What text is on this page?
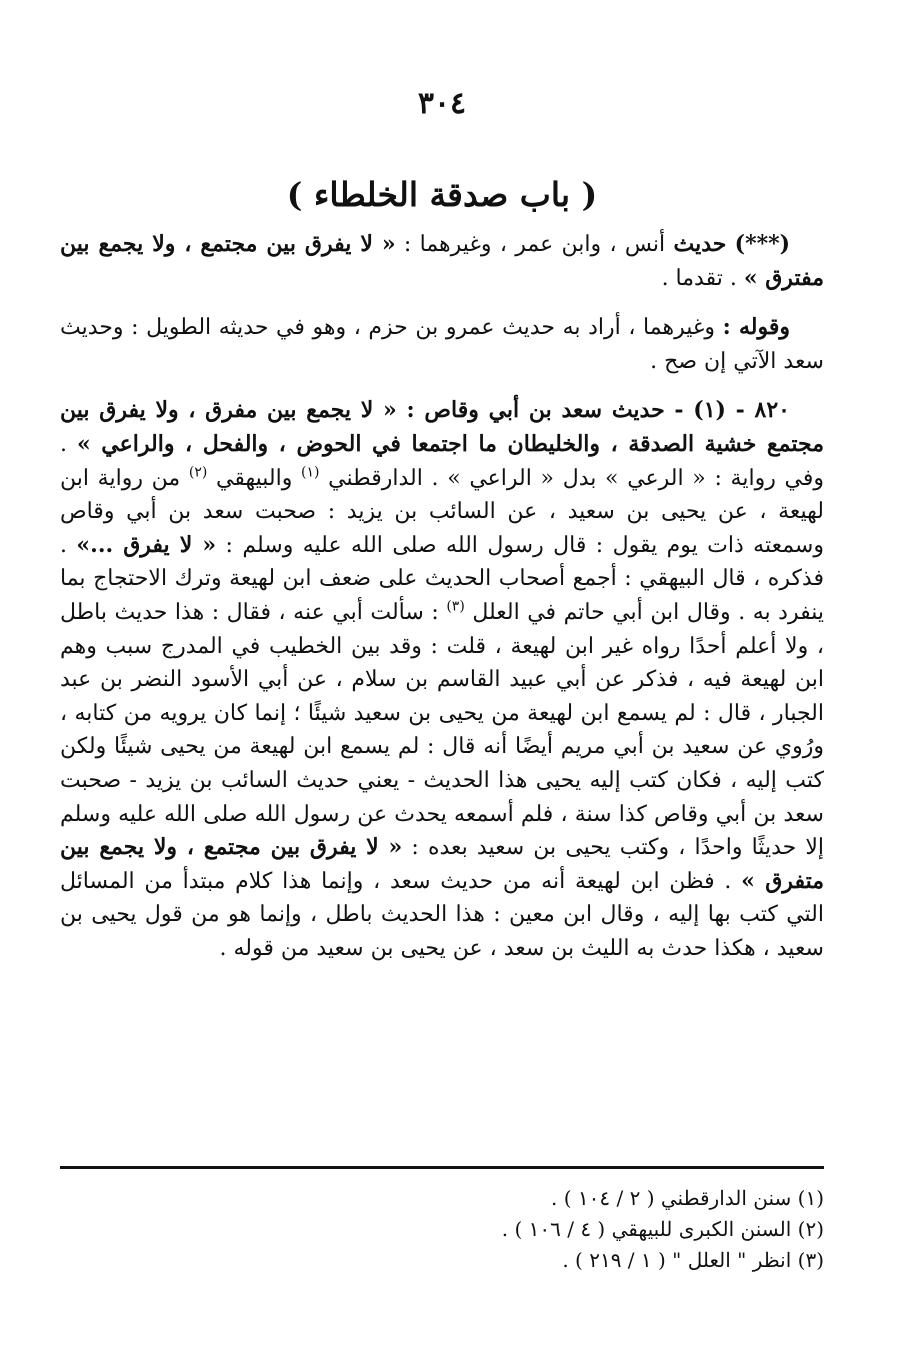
٣٠٤
( باب صدقة الخلطاء )

(***) حديث أنس ، وابن عمر ، وغيرهما : « لا يفرق بين مجتمع ، ولا يجمع بين مفترق » . تقدما .

وقوله : وغيرهما ، أراد به حديث عمرو بن حزم ، وهو في حديثه الطويل : وحديث سعد الآتي إن صح .

٨٢٠ - (١) - حديث سعد بن أبي وقاص : « لا يجمع بين مفرق ، ولا يفرق بين مجتمع خشية الصدقة ، والخليطان ما اجتمعا في الحوض ، والفحل ، والراعي » . وفي رواية : « الرعي » بدل « الراعي » . الدارقطني $^{(١)}$ والبيهقي $^{(٢)}$ من رواية ابن لهيعة ، عن يحيى بن سعيد ، عن السائب بن يزيد : صحبت سعد بن أبي وقاص وسمعته ذات يوم يقول : قال رسول الله صلى الله عليه وسلم : « لا يفرق ...» . فذكره ، قال البيهقي : أجمع أصحاب الحديث على ضعف ابن لهيعة وترك الاحتجاج بما ينفرد به . وقال ابن أبي حاتم في العلل $^{(٣)}$ : سألت أبي عنه ، فقال : هذا حديث باطل ، ولا أعلم أحدًا رواه غير ابن لهيعة ، قلت : وقد بين الخطيب في المدرج سبب وهم ابن لهيعة فيه ، فذكر عن أبي عبيد القاسم بن سلام ، عن أبي الأسود النضر بن عبد الجبار ، قال : لم يسمع ابن لهيعة من يحيى بن سعيد شيئًا ؛ إنما كان يرويه من كتابه ، ورُوي عن سعيد بن أبي مريم أيضًا أنه قال : لم يسمع ابن لهيعة من يحيى شيئًا ولكن كتب إليه ، فكان كتب إليه يحيى هذا الحديث - يعني حديث السائب بن يزيد - صحبت سعد بن أبي وقاص كذا سنة ، فلم أسمعه يحدث عن رسول الله صلى الله عليه وسلم إلا حديثًا واحدًا ، وكتب يحيى بن سعيد بعده : « لا يفرق بين مجتمع ، ولا يجمع بين متفرق » . فظن ابن لهيعة أنه من حديث سعد ، وإنما هذا كلام مبتدأ من المسائل التي كتب بها إليه ، وقال ابن معين : هذا الحديث باطل ، وإنما هو من قول يحيى بن سعيد ، هكذا حدث به الليث بن سعد ، عن يحيى بن سعيد من قوله .

(١) سنن الدارقطني ( ٢ / ١٠٤ ) .

(٢) السنن الكبرى للبيهقي ( ٤ / ١٠٦ ) .

(٣) انظر " العلل " ( ١ / ٢١٩ ) .
